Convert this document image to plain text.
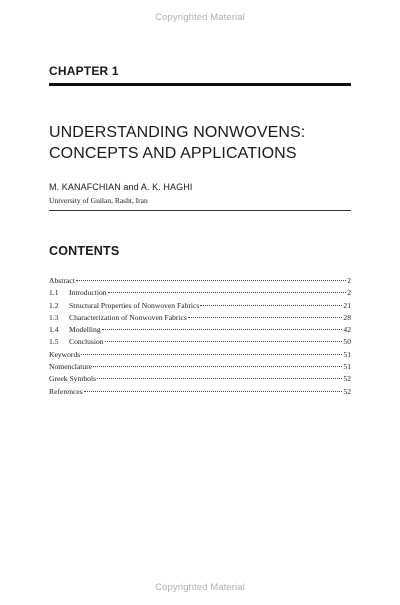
Copyrighted Material
CHAPTER 1
UNDERSTANDING NONWOVENS:
CONCEPTS AND APPLICATIONS
M. KANAFCHIAN and A. K. HAGHI
University of Guilan, Rasht, Iran
CONTENTS
Abstract	2
1.1	Introduction	2
1.2	Structural Properties of Nonwoven Fabrics	21
1.3	Characterization of Nonwoven Fabrics	28
1.4	Modelling	42
1.5	Conclusion	50
Keywords	51
Nomenclature	51
Greek Symbols	52
References	52
Copyrighted Material
